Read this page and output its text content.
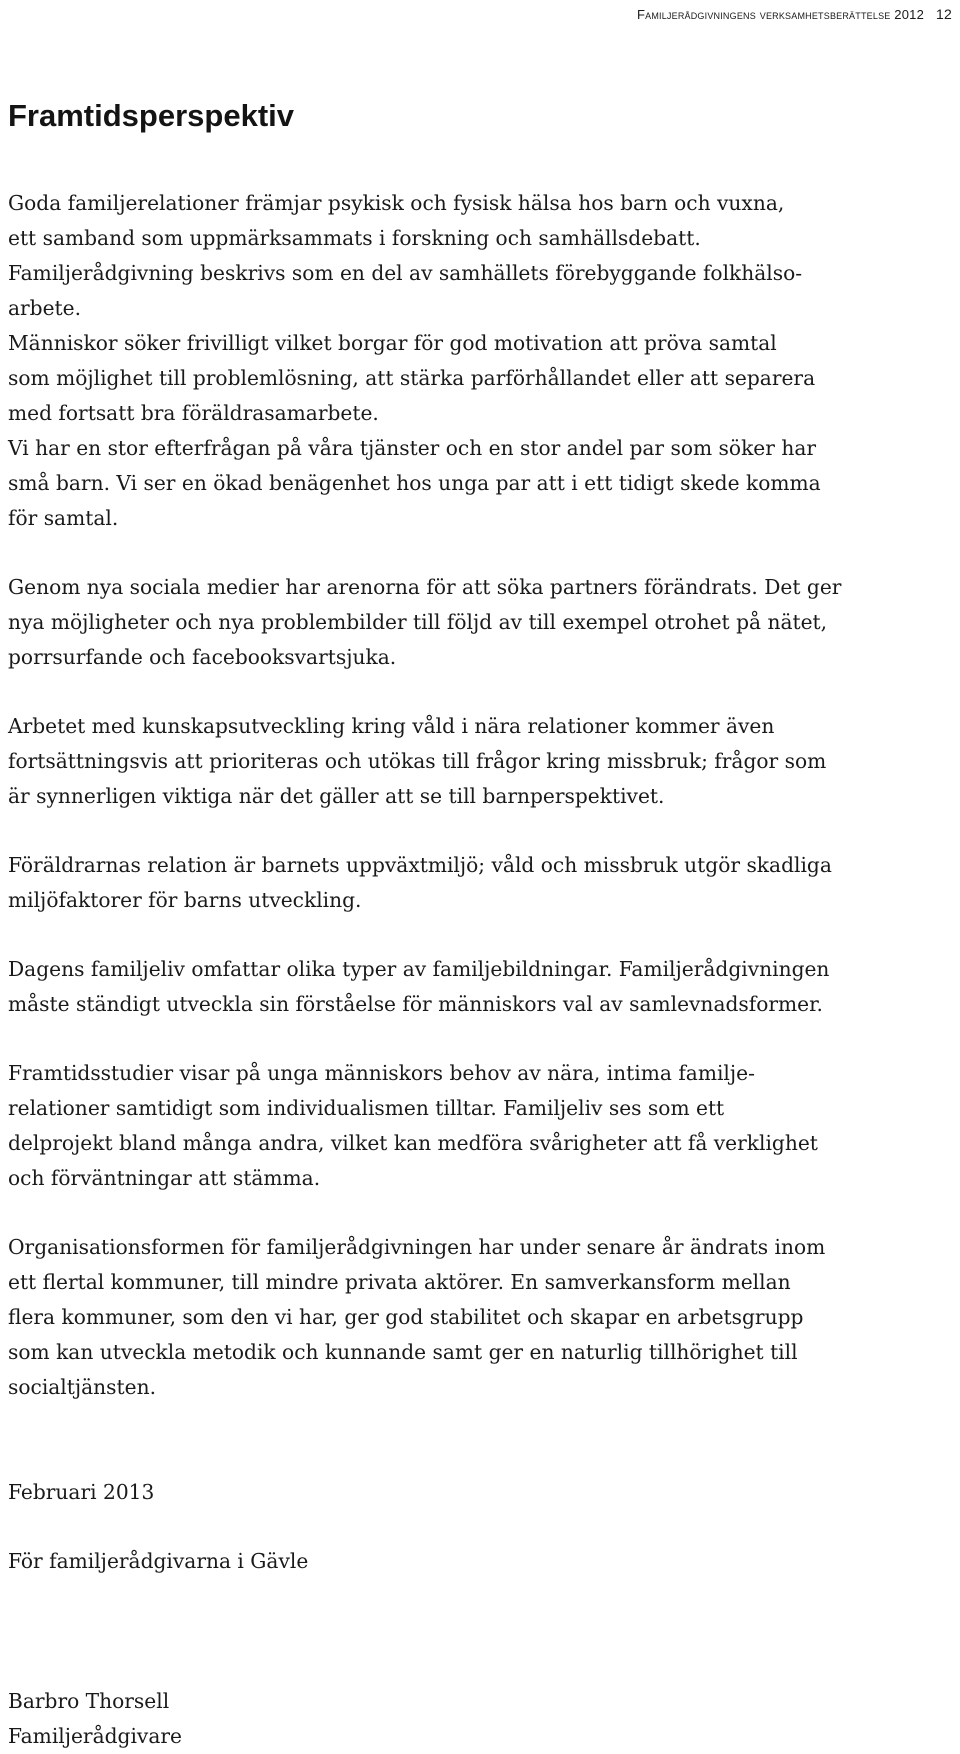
Familjerådgivningens verksamhetsberättelse 2012 12
Framtidsperspektiv
Goda familjerelationer främjar psykisk och fysisk hälsa hos barn och vuxna,
ett samband som uppmärksammats i forskning och samhällsdebatt.
Familjerådgivning beskrivs som en del av samhällets förebyggande folkhälso-
arbete.
Människor söker frivilligt vilket borgar för god motivation att pröva samtal
som möjlighet till problemlösning, att stärka parförhållandet eller att separera
med fortsatt bra föräldrasamarbete.
Vi har en stor efterfrågan på våra tjänster och en stor andel par som söker har
små barn. Vi ser en ökad benägenhet hos unga par att i ett tidigt skede komma
för samtal.
Genom nya sociala medier har arenorna för att söka partners förändrats. Det ger
nya möjligheter och nya problembilder till följd av till exempel otrohet på nätet,
porrsurfande och facebooksvartsjuka.
Arbetet med kunskapsutveckling kring våld i nära relationer kommer även
fortsättningsvis att prioriteras och utökas till frågor kring missbruk; frågor som
är synnerligen viktiga när det gäller att se till barnperspektivet.
Föräldrarnas relation är barnets uppväxtmiljö; våld och missbruk utgör skadliga
miljöfaktorer för barns utveckling.
Dagens familjeliv omfattar olika typer av familjebildningar. Familjerådgivningen
måste ständigt utveckla sin förståelse för människors val av samlevnadsformer.
Framtidsstudier visar på unga människors behov av nära, intima familje-
relationer samtidigt som individualismen tilltar. Familjeliv ses som ett
delprojekt bland många andra, vilket kan medföra svårigheter att få verklighet
och förväntningar att stämma.
Organisationsformen för familjerådgivningen har under senare år ändrats inom
ett flertal kommuner, till mindre privata aktörer. En samverkansform mellan
flera kommuner, som den vi har, ger god stabilitet och skapar en arbetsgrupp
som kan utveckla metodik och kunnande samt ger en naturlig tillhörighet till
socialtjänsten.
Februari 2013
För familjerådgivarna i Gävle
Barbro Thorsell
Familjerådgivare
